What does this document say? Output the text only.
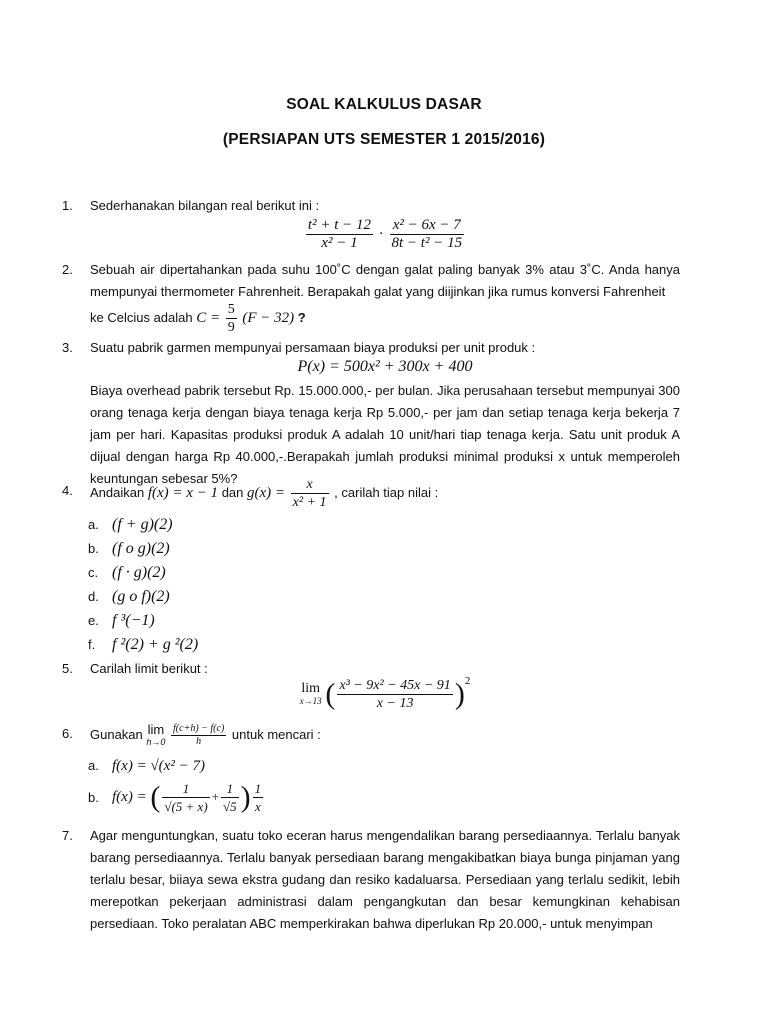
SOAL KALKULUS DASAR
(PERSIAPAN UTS SEMESTER 1 2015/2016)
1.	Sederhanakan bilangan real berikut ini :
$\frac{\text{t² + t − 12}}{\text{x² − 1}} \cdot \frac{\text{x² − 6x − 7}}{\text{8t − t² − 15}}$
2.	Sebuah air dipertahankan pada suhu 100˚C dengan galat paling banyak 3% atau 3˚C. Anda hanya mempunyai thermometer Fahrenheit. Berapakah galat yang diijinkan jika rumus konversi Fahrenheit
ke Celcius adalah $C = \frac{5}{9} (F - 32)$ ?
3.	Suatu pabrik garmen mempunyai persamaan biaya produksi per unit produk :
P(x) = 500x² + 300x + 400
Biaya overhead pabrik tersebut Rp. 15.000.000,- per bulan. Jika perusahaan tersebut mempunyai 300 orang tenaga kerja dengan biaya tenaga kerja Rp 5.000,- per jam dan setiap tenaga kerja bekerja 7 jam per hari. Kapasitas produksi produk A adalah 10 unit/hari tiap tenaga kerja. Satu unit produk A dijual dengan harga Rp 40.000,-.Berapakah jumlah produksi minimal produksi x untuk memperoleh keuntungan sebesar 5%?
4.	Andaikan f(x) = x − 1 dan $g(x) = \frac{x}{\text{x² + 1}}$ , carilah tiap nilai :
a. (f + g)(2)
b. (f o g)(2)
c. (f · g)(2)
d. (g o f)(2)
e. f ³(−1)
f. f ²(2) + g ²(2)
5.	Carilah limit berikut :
lim
x→13 ( $\frac{\text{x³ − 9x² − 45x − 91}}{x - 13} )^2$
6.	Gunakan lim
h→0
$\frac{f(c+h) - f(c)}{h}$ untuk mencari :
a. f(x) = √(x² − 7)
b. f(x) = ( $\frac{1}{√(5 + x)} + \frac{1}{√5}$ ) $\frac{1}{x}$
7.	Agar menguntungkan, suatu toko eceran harus mengendalikan barang persediaannya. Terlalu banyak barang persediaannya. Terlalu banyak persediaan barang mengakibatkan biaya bunga pinjaman yang terlalu besar, biiaya sewa ekstra gudang dan resiko kadaluarsa. Persediaan yang terlalu sedikit, lebih merepotkan pekerjaan administrasi dalam pengangkutan dan besar kemungkinan kehabisan persediaan. Toko peralatan ABC memperkirakan bahwa diperlukan Rp 20.000,- untuk menyimpan
